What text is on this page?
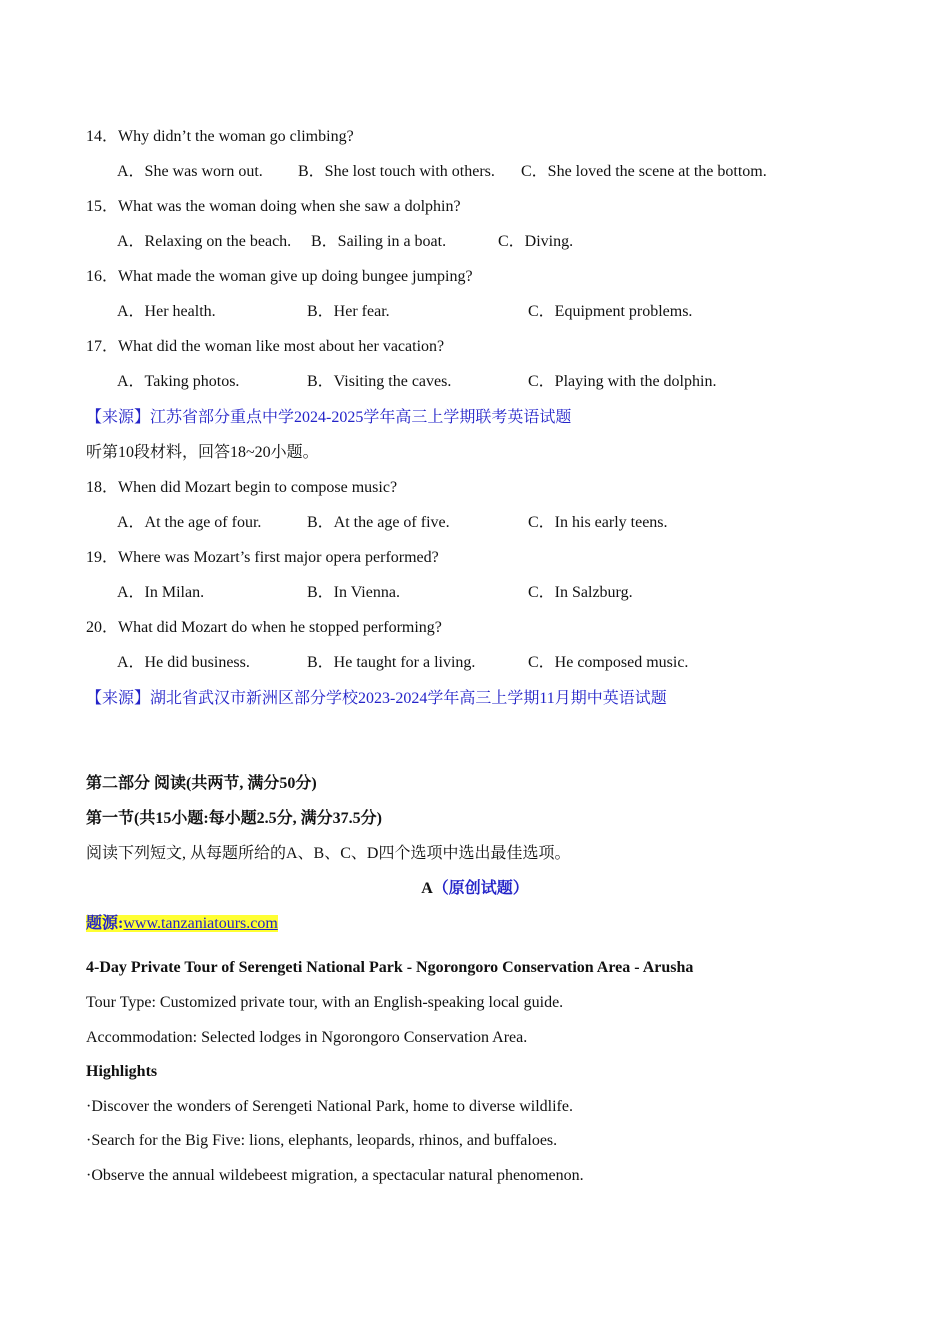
14．Why didn’t the woman go climbing?
A．She was worn out. B．She lost touch with others. C．She loved the scene at the bottom.
15．What was the woman doing when she saw a dolphin?
A．Relaxing on the beach. B．Sailing in a boat.	C．Diving.
16．What made the woman give up doing bungee jumping?
A．Her health.	B．Her fear.	C．Equipment problems.
17．What did the woman like most about her vacation?
A．Taking photos.	B．Visiting the caves.	C．Playing with the dolphin.
【来源】江苏省部分重点中学2024-2025学年高三上学期联考英语试题
听第10段材料，回答18~20小题。
18．When did Mozart begin to compose music?
A．At the age of four.	B．At the age of five.	C．In his early teens.
19．Where was Mozart’s first major opera performed?
A．In Milan.	B．In Vienna.	C．In Salzburg.
20．What did Mozart do when he stopped performing?
A．He did business.	B．He taught for a living.	C．He composed music.
【来源】湖北省武汉市新洲区部分学校2023-2024学年高三上学期11月期中英语试题
第二部分 阅读(共两节, 满分50分)
第一节(共15小题:每小题2.5分, 满分37.5分)
阅读下列短文, 从每题所给的A、B、C、D四个选项中选出最佳选项。
A（原创试题）
题源:www.tanzaniatours.com
4-Day Private Tour of Serengeti National Park - Ngorongoro Conservation Area - Arusha
Tour Type: Customized private tour, with an English-speaking local guide.
Accommodation: Selected lodges in Ngorongoro Conservation Area.
Highlights
·Discover the wonders of Serengeti National Park, home to diverse wildlife.
·Search for the Big Five: lions, elephants, leopards, rhinos, and buffaloes.
·Observe the annual wildebeest migration, a spectacular natural phenomenon.
